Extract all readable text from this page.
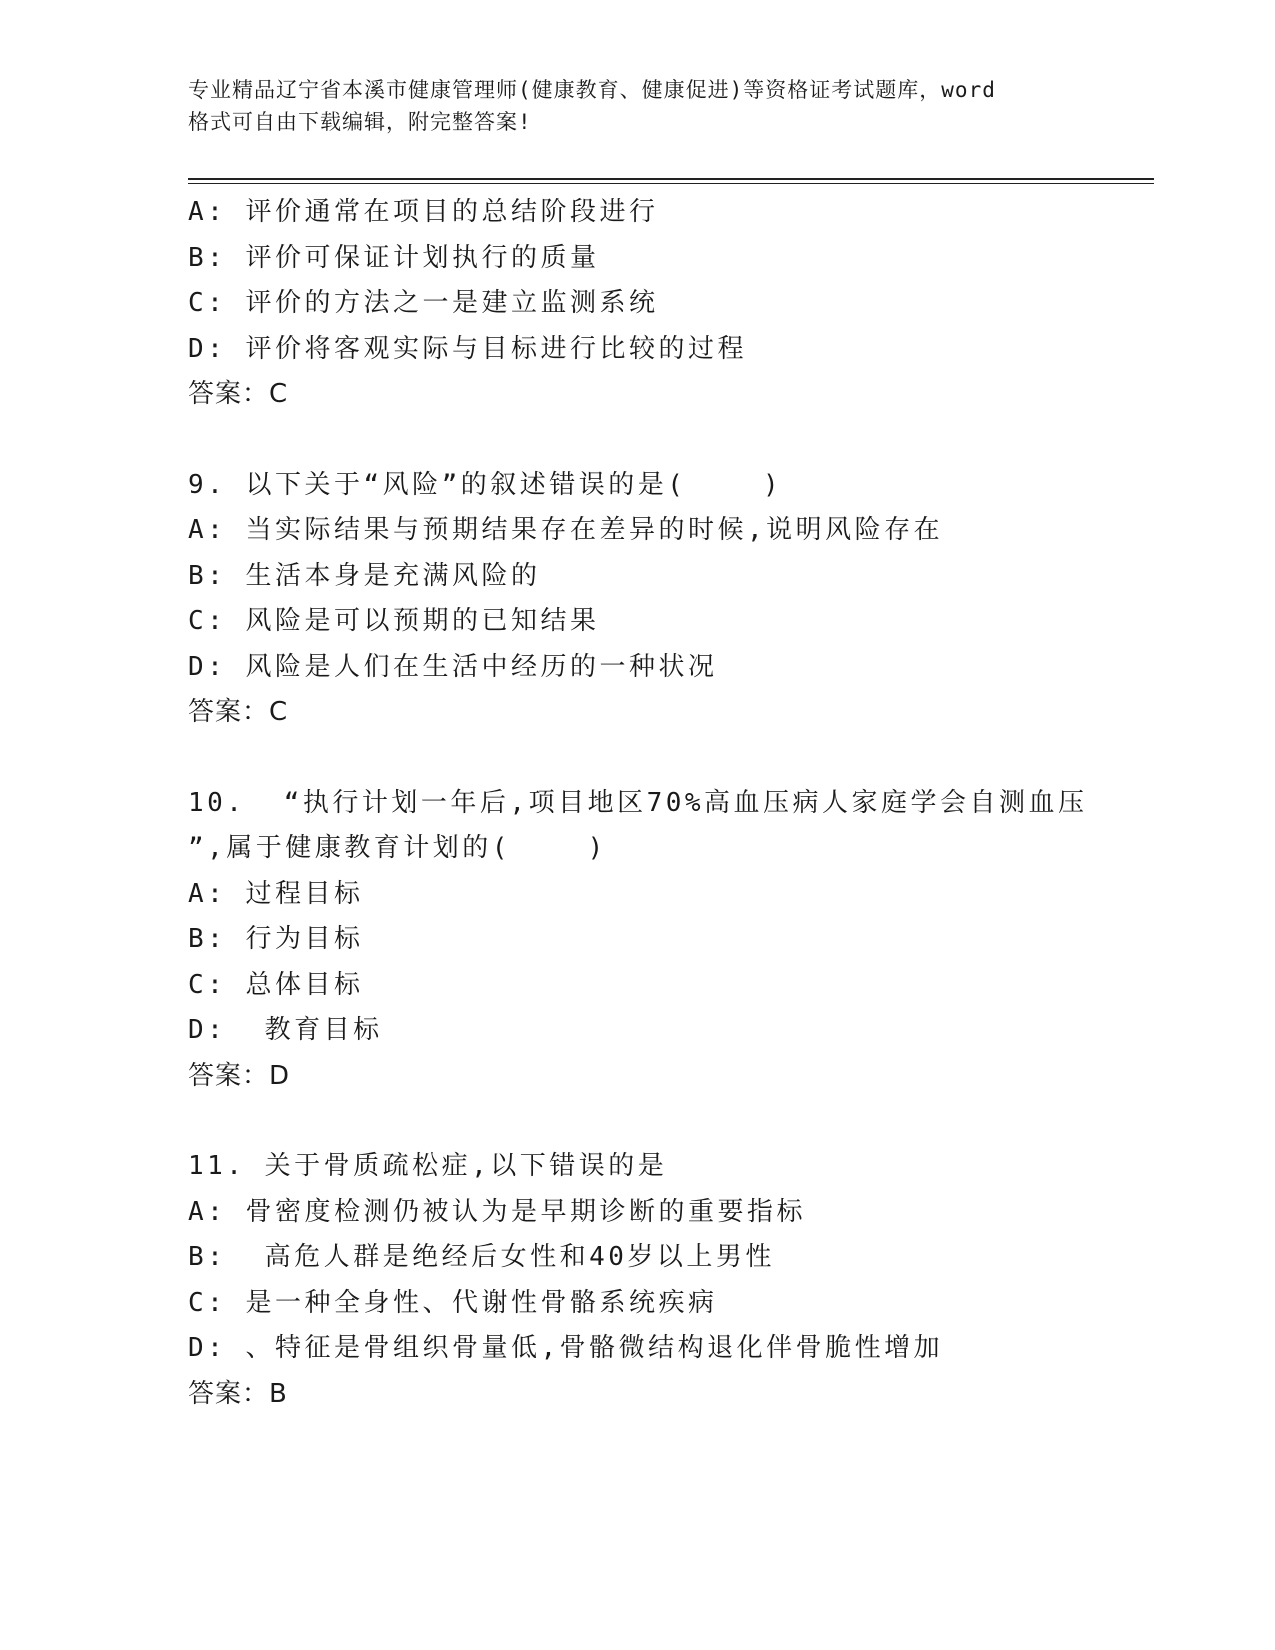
专业精品辽宁省本溪市健康管理师(健康教育、健康促进)等资格证考试题库，word
格式可自由下载编辑，附完整答案!
A: 评价通常在项目的总结阶段进行
B: 评价可保证计划执行的质量
C: 评价的方法之一是建立监测系统
D: 评价将客观实际与目标进行比较的过程
答案：C
9. 以下关于“风险”的叙述错误的是(    )
A: 当实际结果与预期结果存在差异的时候,说明风险存在
B: 生活本身是充满风险的
C: 风险是可以预期的已知结果
D: 风险是人们在生活中经历的一种状况
答案：C
10.  “执行计划一年后,项目地区70%高血压病人家庭学会自测血压
”,属于健康教育计划的(    )
A: 过程目标
B: 行为目标
C: 总体目标
D:  教育目标
答案：D
11. 关于骨质疏松症,以下错误的是
A: 骨密度检测仍被认为是早期诊断的重要指标
B:  高危人群是绝经后女性和40岁以上男性
C: 是一种全身性、代谢性骨骼系统疾病
D: 、特征是骨组织骨量低,骨骼微结构退化伴骨脆性增加
答案：B
